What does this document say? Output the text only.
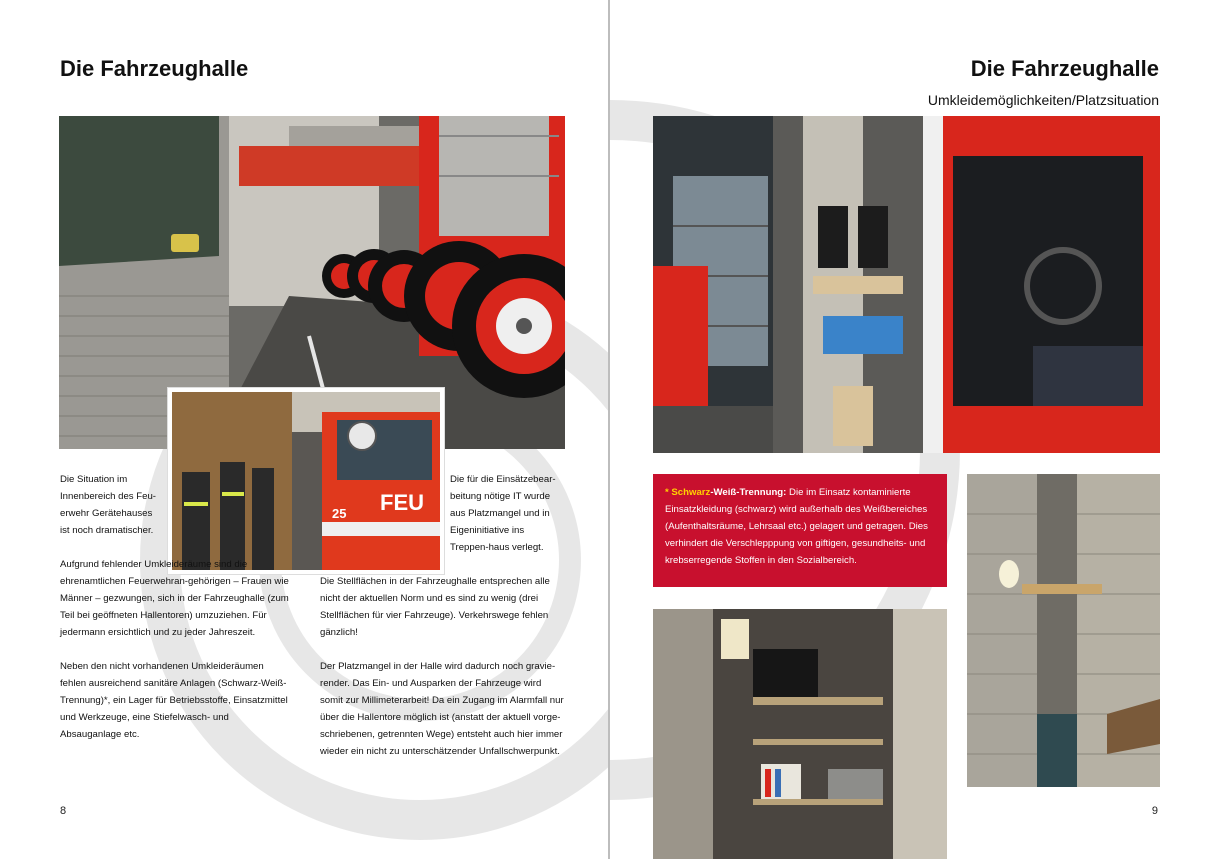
Die Fahrzeughalle
FEU
25

Die Situation im Innenbereich des Feu-erwehr Gerätehauses ist noch dramatischer.

Aufgrund fehlender Umkleideräume sind die ehrenamtlichen Feuerwehran-gehörigen – Frauen wie Männer – gezwungen, sich in der Fahrzeughalle (zum Teil bei geöffneten Hallentoren) umzuziehen. Für jedermann ersichtlich und zu jeder Jahreszeit.

Neben den nicht vorhandenen Umkleideräumen fehlen ausreichend sanitäre Anlagen (Schwarz-Weiß-Trennung)*, ein Lager für Betriebsstoffe, Einsatzmittel und Werkzeuge, eine Stiefelwasch- und Absauganlage etc.

Die für die Einsätzebear-beitung nötige IT wurde aus Platzmangel und in Eigeninitiative ins Treppen-haus verlegt.

Die Stellflächen in der Fahrzeughalle entsprechen alle nicht der aktuellen Norm und es sind zu wenig (drei Stellflächen für vier Fahrzeuge). Verkehrswege fehlen gänzlich!

Der Platzmangel in der Halle wird dadurch noch gravie-render. Das Ein- und Ausparken der Fahrzeuge wird somit zur Millimeterarbeit! Da ein Zugang im Alarmfall nur über die Hallentore möglich ist (anstatt der aktuell vorge-schriebenen, getrennten Wege) entsteht auch hier immer wieder ein nicht zu unterschätzender Unfallschwerpunkt.

8
Die Fahrzeughalle

Umkleidemöglichkeiten/Platzsituation

* Schwarz-Weiß-Trennung: Die im Einsatz kontaminierte Einsatzkleidung (schwarz) wird außerhalb des Weißbereiches (Aufenthaltsräume, Lehrsaal etc.) gelagert und getragen. Dies verhindert die Verschlepppung von giftigen, gesundheits- und krebserregende Stoffen in den Sozialbereich.
9
